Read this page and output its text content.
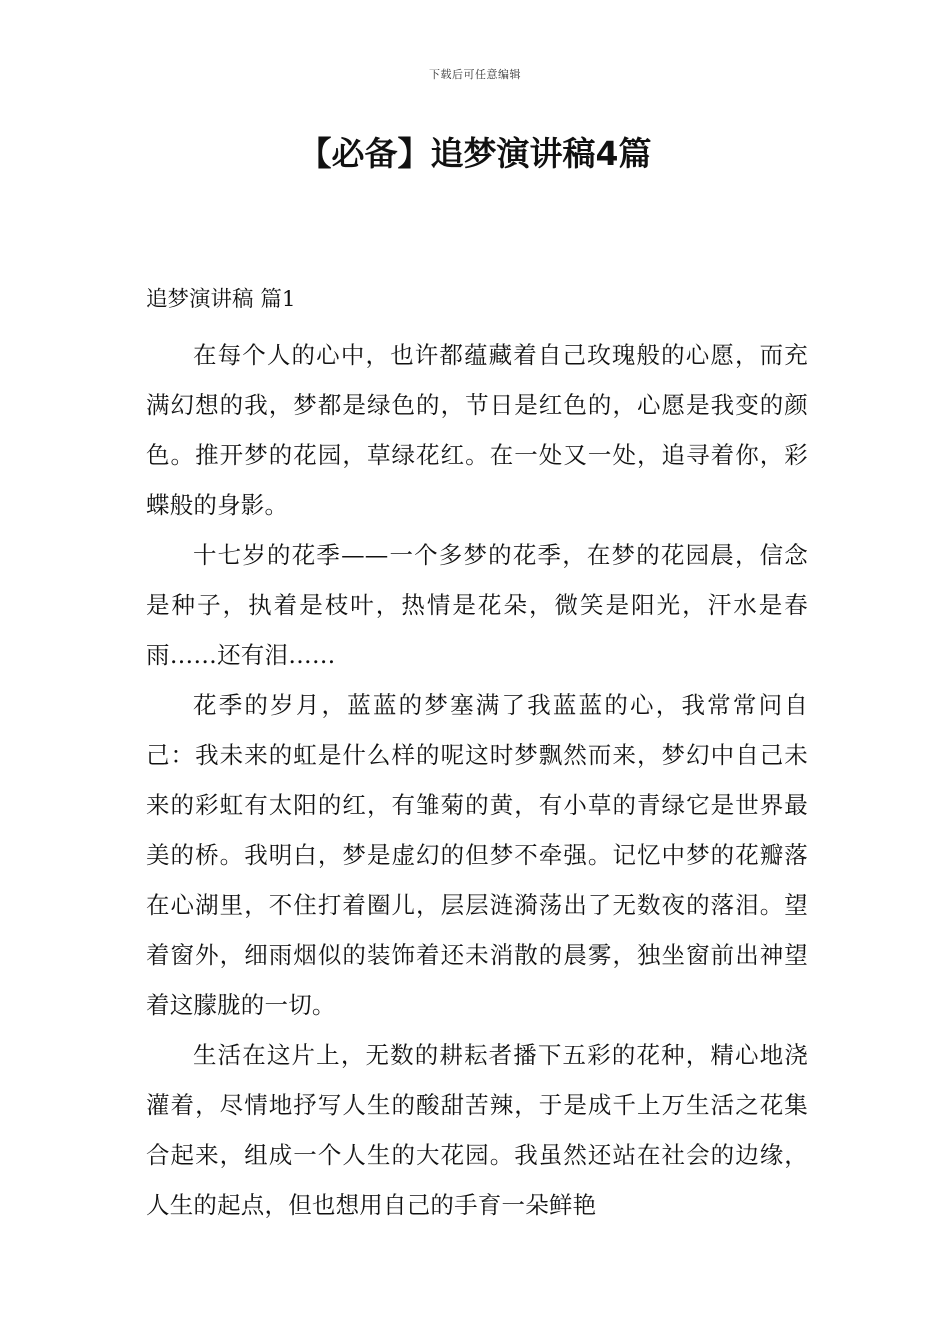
下载后可任意编辑
【必备】追梦演讲稿4篇
追梦演讲稿 篇1

在每个人的心中，也许都蕴藏着自己玫瑰般的心愿，而充满幻想的我，梦都是绿色的，节日是红色的，心愿是我变的颜色。推开梦的花园，草绿花红。在一处又一处，追寻着你，彩蝶般的身影。

十七岁的花季——一个多梦的花季，在梦的花园晨，信念是种子，执着是枝叶，热情是花朵，微笑是阳光，汗水是春雨……还有泪……

花季的岁月，蓝蓝的梦塞满了我蓝蓝的心，我常常问自己：我未来的虹是什么样的呢这时梦飘然而来，梦幻中自己未来的彩虹有太阳的红，有雏菊的黄，有小草的青绿它是世界最美的桥。我明白，梦是虚幻的但梦不牵强。记忆中梦的花瓣落在心湖里，不住打着圈儿，层层涟漪荡出了无数夜的落泪。望着窗外，细雨烟似的装饰着还未消散的晨雾，独坐窗前出神望着这朦胧的一切。

生活在这片上，无数的耕耘者播下五彩的花种，精心地浇灌着，尽情地抒写人生的酸甜苦辣，于是成千上万生活之花集合起来，组成一个人生的大花园。我虽然还站在社会的边缘，人生的起点，但也想用自己的手育一朵鲜艳
